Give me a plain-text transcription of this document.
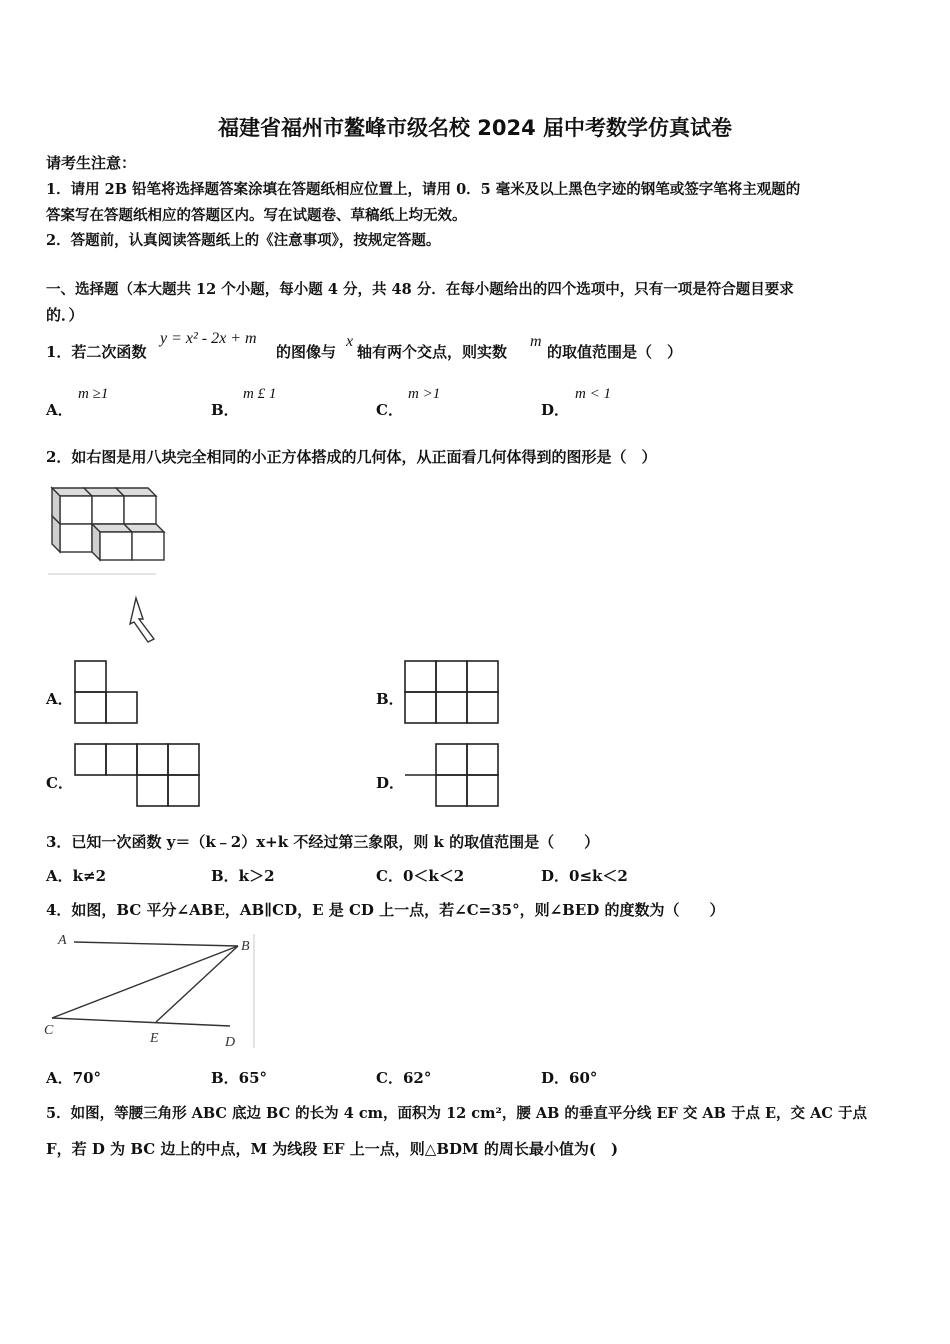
福建省福州市鳌峰市级名校 2024 届中考数学仿真试卷
请考生注意：
1．请用 2B 铅笔将选择题答案涂填在答题纸相应位置上，请用 0．5 毫米及以上黑色字迹的钢笔或签字笔将主观题的
答案写在答题纸相应的答题区内。写在试题卷、草稿纸上均无效。
2．答题前，认真阅读答题纸上的《注意事项》，按规定答题。
一、选择题（本大题共 12 个小题，每小题 4 分，共 48 分．在每小题给出的四个选项中，只有一项是符合题目要求
的．）
1．若二次函数
y = x² - 2x + m
的图像与
x
轴有两个交点，则实数
m
的取值范围是（　）
A．
m ≥1
B．
m £ 1
C．
m >1
D．
m < 1
2．如右图是用八块完全相同的小正方体搭成的几何体，从正面看几何体得到的图形是（　）
A．	B．
C．	D．
3．已知一次函数 y＝（k﹣2）x+k 不经过第三象限，则 k 的取值范围是（　　）
A．k≠2	B．k＞2	C．0＜k＜2	D．0≤k＜2
4．如图，BC 平分∠ABE，AB∥CD，E 是 CD 上一点，若∠C=35°，则∠BED 的度数为（　　）
A	B
C
E	D
A．70°	B．65°	C．62°	D．60°
5．如图，等腰三角形 ABC 底边 BC 的长为 4 cm，面积为 12 cm²，腰 AB 的垂直平分线 EF 交 AB 于点 E，交 AC 于点
F，若 D 为 BC 边上的中点，M 为线段 EF 上一点，则△BDM 的周长最小值为(　)
